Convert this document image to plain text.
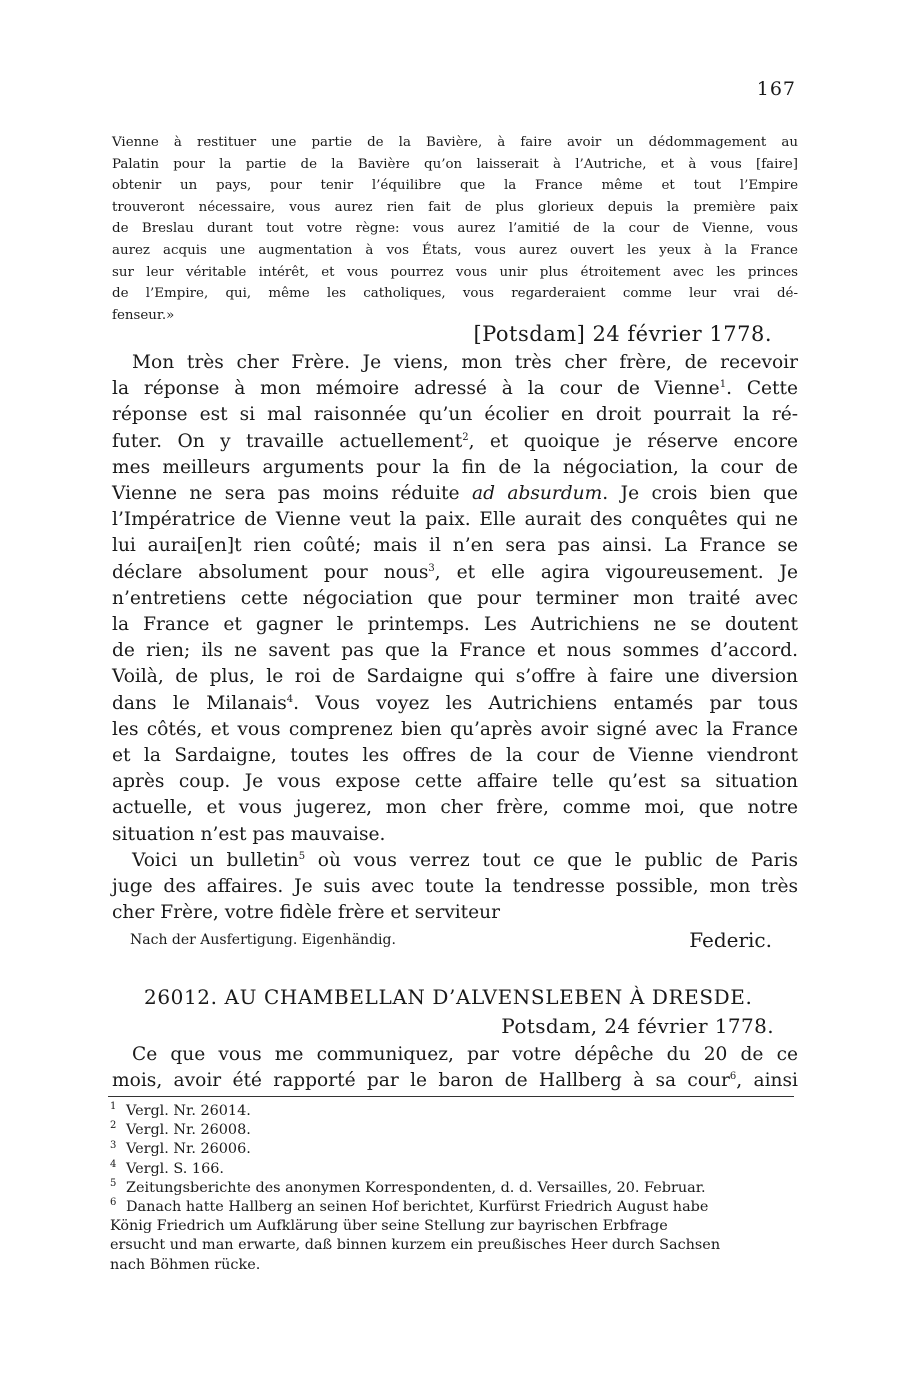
167
Vienne à restituer une partie de la Bavière, à faire avoir un dédommagement au
Palatin pour la partie de la Bavière qu’on laisserait à l’Autriche, et à vous [faire]
obtenir un pays, pour tenir l’équilibre que la France même et tout l’Empire
trouveront nécessaire, vous aurez rien fait de plus glorieux depuis la première paix
de Breslau durant tout votre règne: vous aurez l’amitié de la cour de Vienne, vous
aurez acquis une augmentation à vos États, vous aurez ouvert les yeux à la France
sur leur véritable intérêt, et vous pourrez vous unir plus étroitement avec les princes
de l’Empire, qui, même les catholiques, vous regarderaient comme leur vrai dé-
fenseur.»
[Potsdam] 24 février 1778.
Mon très cher Frère. Je viens, mon très cher frère, de recevoir
la réponse à mon mémoire adressé à la cour de Vienne$^1$. Cette
réponse est si mal raisonnée qu’un écolier en droit pourrait la ré-
futer. On y travaille actuellement$^2$, et quoique je réserve encore
mes meilleurs arguments pour la fin de la négociation, la cour de
Vienne ne sera pas moins réduite ad absurdum. Je crois bien que
l’Impératrice de Vienne veut la paix. Elle aurait des conquêtes qui ne
lui aurai[en]t rien coûté; mais il n’en sera pas ainsi. La France se
déclare absolument pour nous$^3$, et elle agira vigoureusement. Je
n’entretiens cette négociation que pour terminer mon traité avec
la France et gagner le printemps. Les Autrichiens ne se doutent
de rien; ils ne savent pas que la France et nous sommes d’accord.
Voilà, de plus, le roi de Sardaigne qui s’offre à faire une diversion
dans le Milanais$^4$. Vous voyez les Autrichiens entamés par tous
les côtés, et vous comprenez bien qu’après avoir signé avec la France
et la Sardaigne, toutes les offres de la cour de Vienne viendront
après coup. Je vous expose cette affaire telle qu’est sa situation
actuelle, et vous jugerez, mon cher frère, comme moi, que notre
situation n’est pas mauvaise.
Voici un bulletin$^5$ où vous verrez tout ce que le public de Paris
juge des affaires. Je suis avec toute la tendresse possible, mon très
cher Frère, votre fidèle frère et serviteur
Nach der Ausfertigung. Eigenhändig.	Federic.
26012. AU CHAMBELLAN D’ALVENSLEBEN À DRESDE.
Potsdam, 24 février 1778.
Ce que vous me communiquez, par votre dépêche du 20 de ce
mois, avoir été rapporté par le baron de Hallberg à sa cour$^6$, ainsi
1 Vergl. Nr. 26014.
2 Vergl. Nr. 26008.
3 Vergl. Nr. 26006.
4 Vergl. S. 166.
5 Zeitungsberichte des anonymen Korrespondenten, d. d. Versailles, 20. Februar.
6 Danach hatte Hallberg an seinen Hof berichtet, Kurfürst Friedrich August habe
König Friedrich um Aufklärung über seine Stellung zur bayrischen Erbfrage
ersucht und man erwarte, daß binnen kurzem ein preußisches Heer durch Sachsen
nach Böhmen rücke.
